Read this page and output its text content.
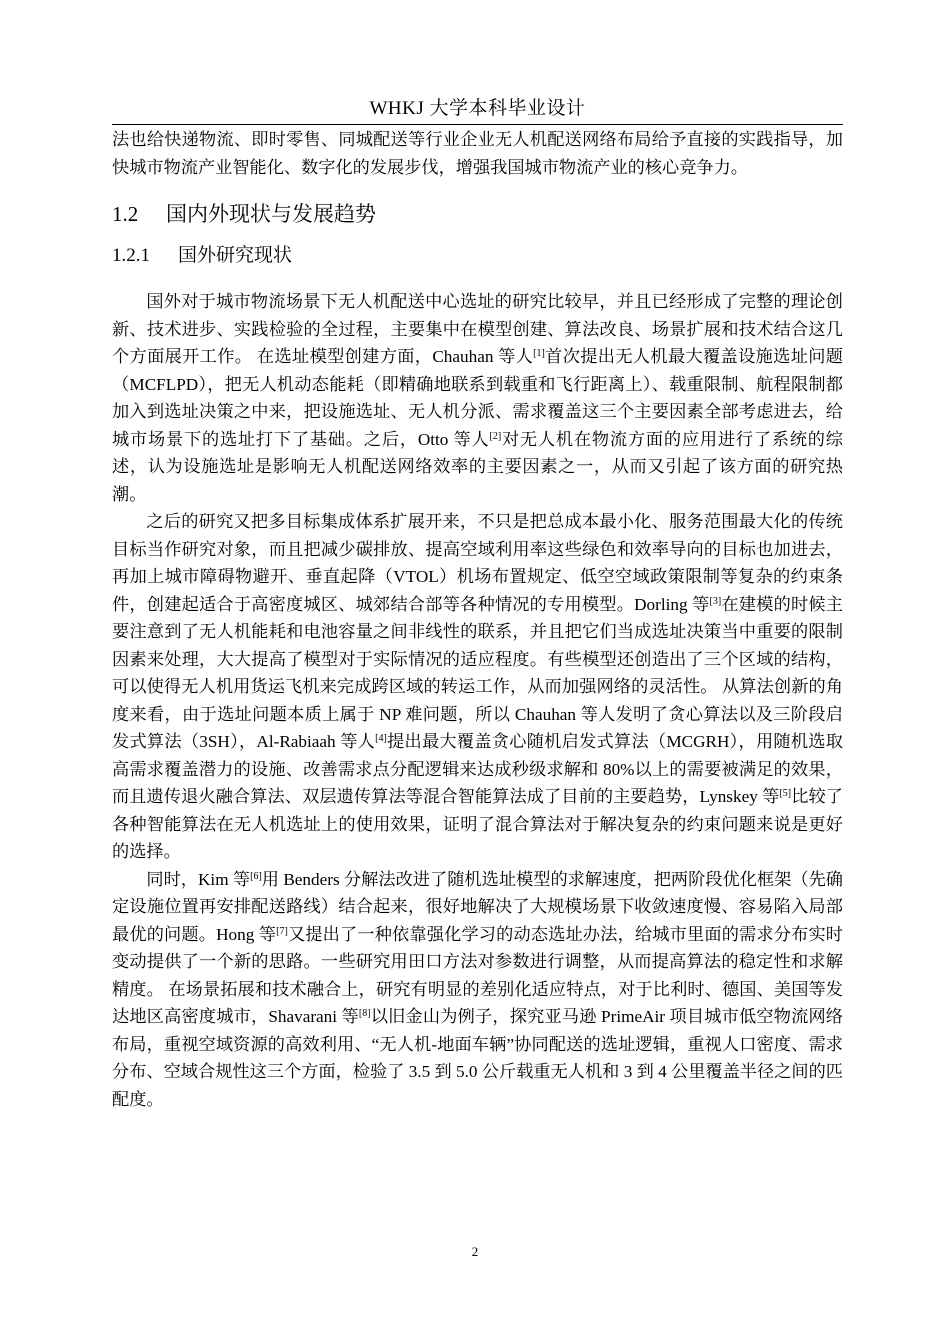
WHKJ 大学本科毕业设计

法也给快递物流、即时零售、同城配送等行业企业无人机配送网络布局给予直接的实践指导，加快城市物流产业智能化、数字化的发展步伐，增强我国城市物流产业的核心竞争力。

1.2 国内外现状与发展趋势
1.2.1 国外研究现状

国外对于城市物流场景下无人机配送中心选址的研究比较早，并且已经形成了完整的理论创新、技术进步、实践检验的全过程，主要集中在模型创建、算法改良、场景扩展和技术结合这几个方面展开工作。 在选址模型创建方面，Chauhan 等人[1]首次提出无人机最大覆盖设施选址问题（MCFLPD），把无人机动态能耗（即精确地联系到载重和飞行距离上）、载重限制、航程限制都加入到选址决策之中来，把设施选址、无人机分派、需求覆盖这三个主要因素全部考虑进去，给城市场景下的选址打下了基础。之后，Otto 等人[2]对无人机在物流方面的应用进行了系统的综述，认为设施选址是影响无人机配送网络效率的主要因素之一，从而又引起了该方面的研究热潮。

之后的研究又把多目标集成体系扩展开来，不只是把总成本最小化、服务范围最大化的传统目标当作研究对象，而且把减少碳排放、提高空域利用率这些绿色和效率导向的目标也加进去，再加上城市障碍物避开、垂直起降（VTOL）机场布置规定、低空空域政策限制等复杂的约束条件，创建起适合于高密度城区、城郊结合部等各种情况的专用模型。Dorling 等[3]在建模的时候主要注意到了无人机能耗和电池容量之间非线性的联系，并且把它们当成选址决策当中重要的限制因素来处理，大大提高了模型对于实际情况的适应程度。有些模型还创造出了三个区域的结构，可以使得无人机用货运飞机来完成跨区域的转运工作，从而加强网络的灵活性。 从算法创新的角度来看，由于选址问题本质上属于 NP 难问题，所以 Chauhan 等人发明了贪心算法以及三阶段启发式算法（3SH），Al-Rabiaah 等人[4]提出最大覆盖贪心随机启发式算法（MCGRH），用随机选取高需求覆盖潜力的设施、改善需求点分配逻辑来达成秒级求解和 80%以上的需要被满足的效果，而且遗传退火融合算法、双层遗传算法等混合智能算法成了目前的主要趋势，Lynskey 等[5]比较了各种智能算法在无人机选址上的使用效果，证明了混合算法对于解决复杂的约束问题来说是更好的选择。

同时，Kim 等[6]用 Benders 分解法改进了随机选址模型的求解速度，把两阶段优化框架（先确定设施位置再安排配送路线）结合起来，很好地解决了大规模场景下收敛速度慢、容易陷入局部最优的问题。Hong 等[7]又提出了一种依靠强化学习的动态选址办法，给城市里面的需求分布实时变动提供了一个新的思路。一些研究用田口方法对参数进行调整，从而提高算法的稳定性和求解精度。 在场景拓展和技术融合上，研究有明显的差别化适应特点，对于比利时、德国、美国等发达地区高密度城市，Shavarani 等[8]以旧金山为例子，探究亚马逊 PrimeAir 项目城市低空物流网络布局，重视空域资源的高效利用、“无人机-地面车辆”协同配送的选址逻辑，重视人口密度、需求分布、空域合规性这三个方面，检验了 3.5 到 5.0 公斤载重无人机和 3 到 4 公里覆盖半径之间的匹配度。

2
